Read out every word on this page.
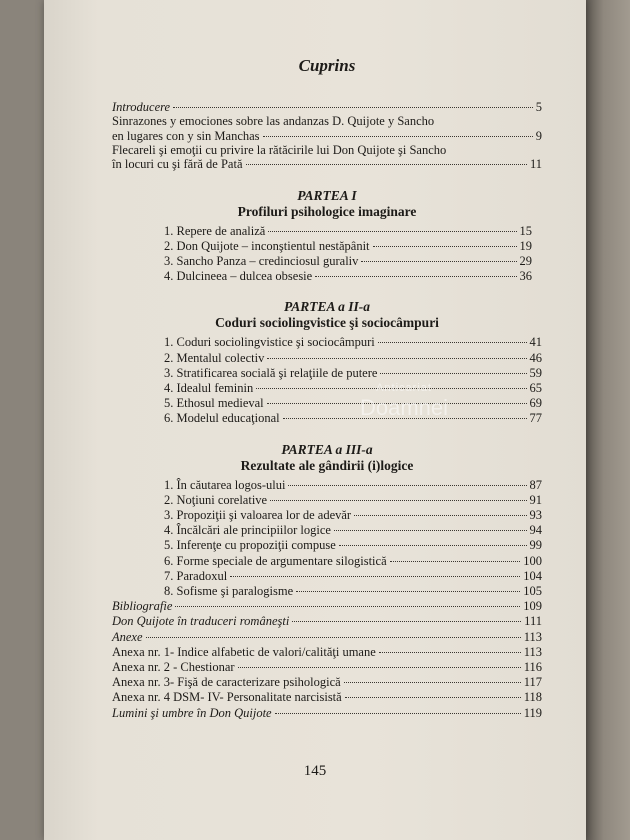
Cuprins
Introducere	5
Sinrazones y emociones sobre las andanzas D. Quijote y Sancho
en lugares con y sin Manchas	9
Flecareli şi emoţii cu privire la rătăcirile lui Don Quijote şi Sancho
în locuri cu şi fără de Pată	11
PARTEA I
Profiluri psihologice imaginare
1. Repere de analiză	15
2. Don Quijote – inconştientul nestăpânit	19
3. Sancho Panza – credinciosul guraliv	29
4. Dulcineea – dulcea obsesie	36
PARTEA a II-a
Coduri sociolingvistice şi sociocâmpuri
1. Coduri sociolingvistice şi sociocâmpuri	41
2. Mentalul colectiv	46
3. Stratificarea socială şi relaţiile de putere	59
4. Idealul feminin	65
5. Ethosul medieval	69
6. Modelul educaţional	77
PARTEA a III-a
Rezultate ale gândirii (i)logice
1. În căutarea logos-ului	87
2. Noţiuni corelative	91
3. Propoziţii şi valoarea lor de adevăr	93
4. Încălcări ale principiilor logice	94
5. Inferenţe cu propoziţii compuse	99
6. Forme speciale de argumentare silogistică	100
7. Paradoxul	104
8. Sofisme şi paralogisme	105
Bibliografie	109
Don Quijote în traduceri româneşti	111
Anexe	113
Anexa nr. 1- Indice alfabetic de valori/calităţi umane	113
Anexa nr. 2 - Chestionar	116
Anexa nr. 3- Fişă de caracterizare psihologică	117
Anexa nr. 4 DSM- IV- Personalitate narcisistă	118
Lumini şi umbre în Don Quijote	119
Anticariat
Doamnei
145
